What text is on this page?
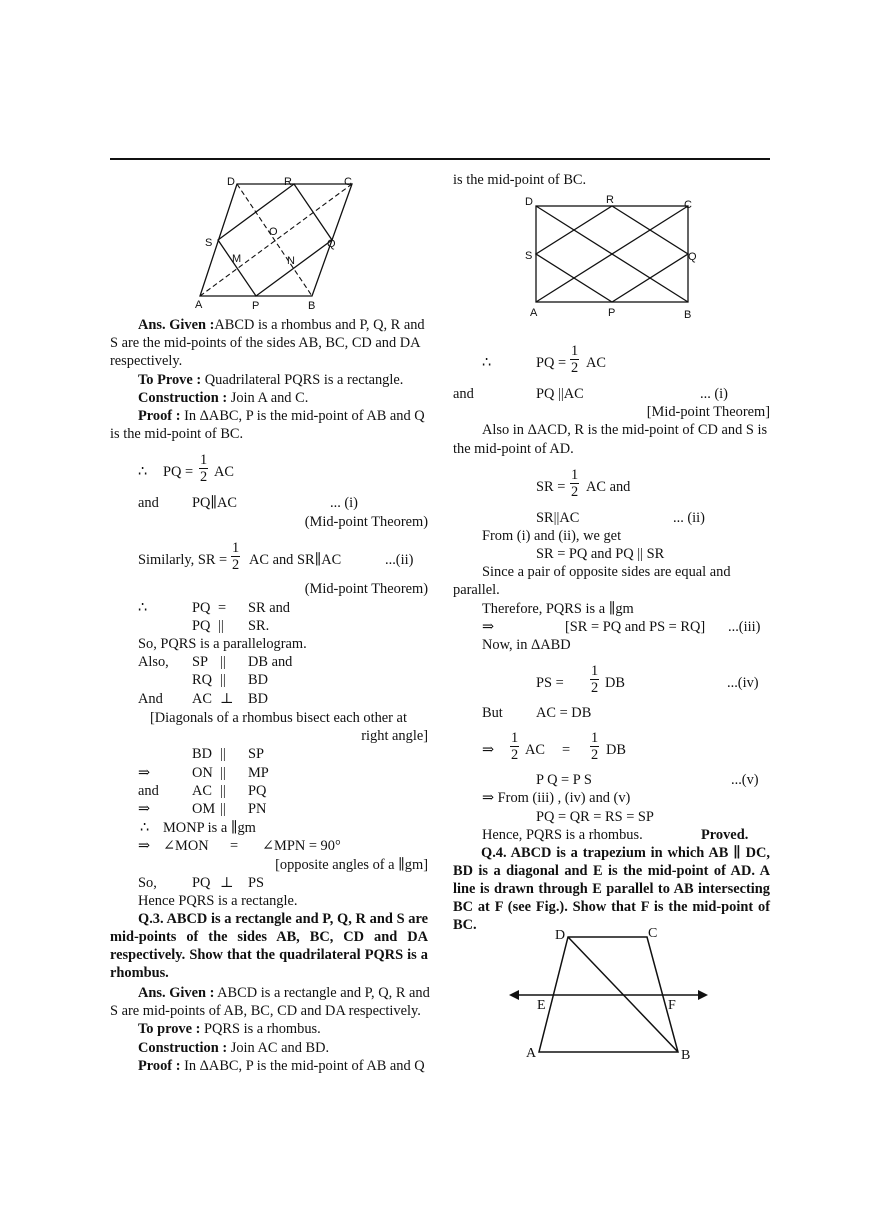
D	R	C
S
O
Q
M	N
A	P	B
Ans. Given :ABCD is a rhombus and P, Q, R and
S are the mid-points of the sides AB, BC, CD and DA
respectively.
To Prove : Quadrilateral PQRS is a rectangle.
Construction : Join A and C.
Proof : In ΔABC, P is the mid-point of AB and Q
is the mid-point of BC.
∴ PQ = $\frac{1}{2}$ AC
and PQ∥AC	... (i)
(Mid-point Theorem)
Similarly, SR = $\frac{1}{2}$ AC and SR∥AC	...(ii)
(Mid-point Theorem)
∴	PQ = SR and
PQ || SR.
So, PQRS is a parallelogram.
Also, SP || DB and
RQ || BD
And AC ⊥ BD
[Diagonals of a rhombus bisect each other at
right angle]
BD || SP
⇒	ON || MP
and AC || PQ
⇒	OM || PN
∴ MONP is a ∥gm
⇒ ∠MON = ∠MPN = 90°
[opposite angles of a ∥gm]
So, PQ ⊥ PS
Hence PQRS is a rectangle.
Q.3. ABCD is a rectangle and P, Q, R and S are mid-points of the sides AB, BC, CD and DA respectively. Show that the quadrilateral PQRS is a rhombus.
Ans. Given : ABCD is a rectangle and P, Q, R and
S are mid-points of AB, BC, CD and DA respectively.
To prove : PQRS is a rhombus.
Construction : Join AC and BD.
Proof : In ΔABC, P is the mid-point of AB and Q
is the mid-point of BC.
D	R	C
S	Q
A	P	B
∴	PQ = $\frac{1}{2}$ AC
and	PQ ||AC	... (i)
[Mid-point Theorem]
Also in ΔACD, R is the mid-point of CD and S is
the mid-point of AD.
SR = $\frac{1}{2}$ AC and
SR||AC	... (ii)
From (i) and (ii), we get
SR = PQ and PQ || SR
Since a pair of opposite sides are equal and
parallel.
Therefore, PQRS is a ∥gm
⇒	[SR = PQ and PS = RQ] ...(iii)
Now, in ΔABD
PS = $\frac{1}{2}$ DB	...(iv)
But AC = DB
⇒ $\frac{1}{2}$ AC = $\frac{1}{2}$ DB
P Q = P S	...(v)
⇒ From (iii) , (iv) and (v)
PQ = QR = RS = SP
Hence, PQRS is a rhombus.	Proved.
Q.4. ABCD is a trapezium in which AB ∥ DC, BD is a diagonal and E is the mid-point of AD. A line is drawn through E parallel to AB intersecting BC at F (see Fig.). Show that F is the mid-point of BC.
D	C
E	F
A	B
